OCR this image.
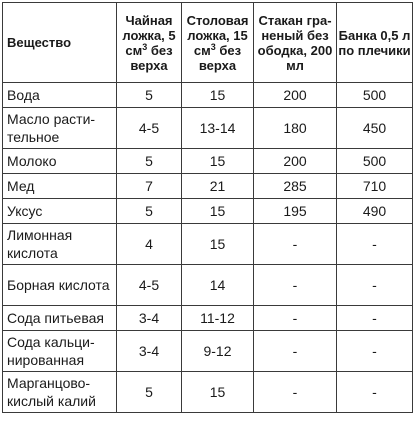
Вещество	Чайная ложка, 5 $см^3$ без верха	Столовая ложка, 15 $см^3$ без верха	Стакан граненый без ободка, 200 мл	Банка 0,5 л по плечики
Вода	5	15	200	500
Масло растительное	4-5	13-14	180	450
Молоко	5	15	200	500
Мед	7	21	285	710
Уксус	5	15	195	490
Лимонная кислота	4	15	-	-
Борная кислота	4-5	14	-	-
Сода питьевая	3-4	11-12	-	-
Сода кальцинированная	3-4	9-12	-	-
Марганцовокислый калий	5	15	-	-
